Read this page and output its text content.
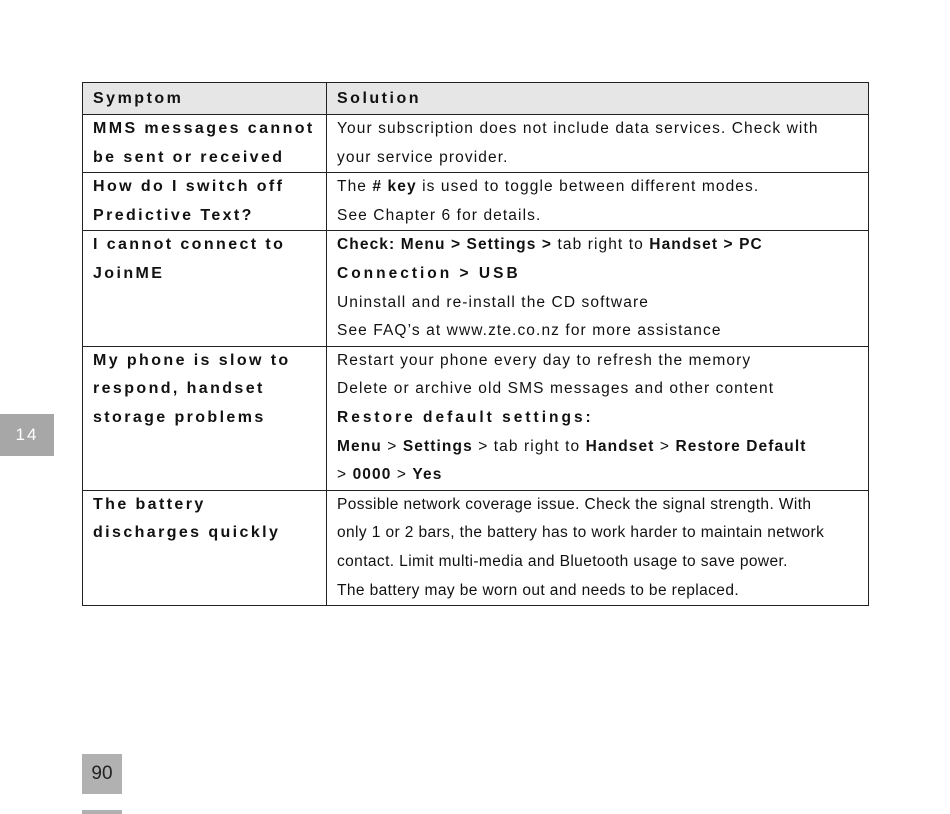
14
Symptom	Solution

MMS messages cannot
be sent or received	Your subscription does not include data services. Check with
your service provider.

How do I switch off
Predictive Text?	The # key is used to toggle between different modes.
See Chapter 6 for details.

I cannot connect to
JoinME	Check: Menu > Settings > tab right to Handset > PC
Connection > USB
Uninstall and re-install the CD software
See FAQ’s at www.zte.co.nz for more assistance

My phone is slow to
respond, handset
storage problems	Restart your phone every day to refresh the memory
Delete or archive old SMS messages and other content
Restore default settings:
Menu > Settings > tab right to Handset > Restore Default
> 0000 > Yes

The battery
discharges quickly	Possible network coverage issue. Check the signal strength. With
only 1 or 2 bars, the battery has to work harder to maintain network
contact. Limit multi-media and Bluetooth usage to save power.
The battery may be worn out and needs to be replaced.
90
